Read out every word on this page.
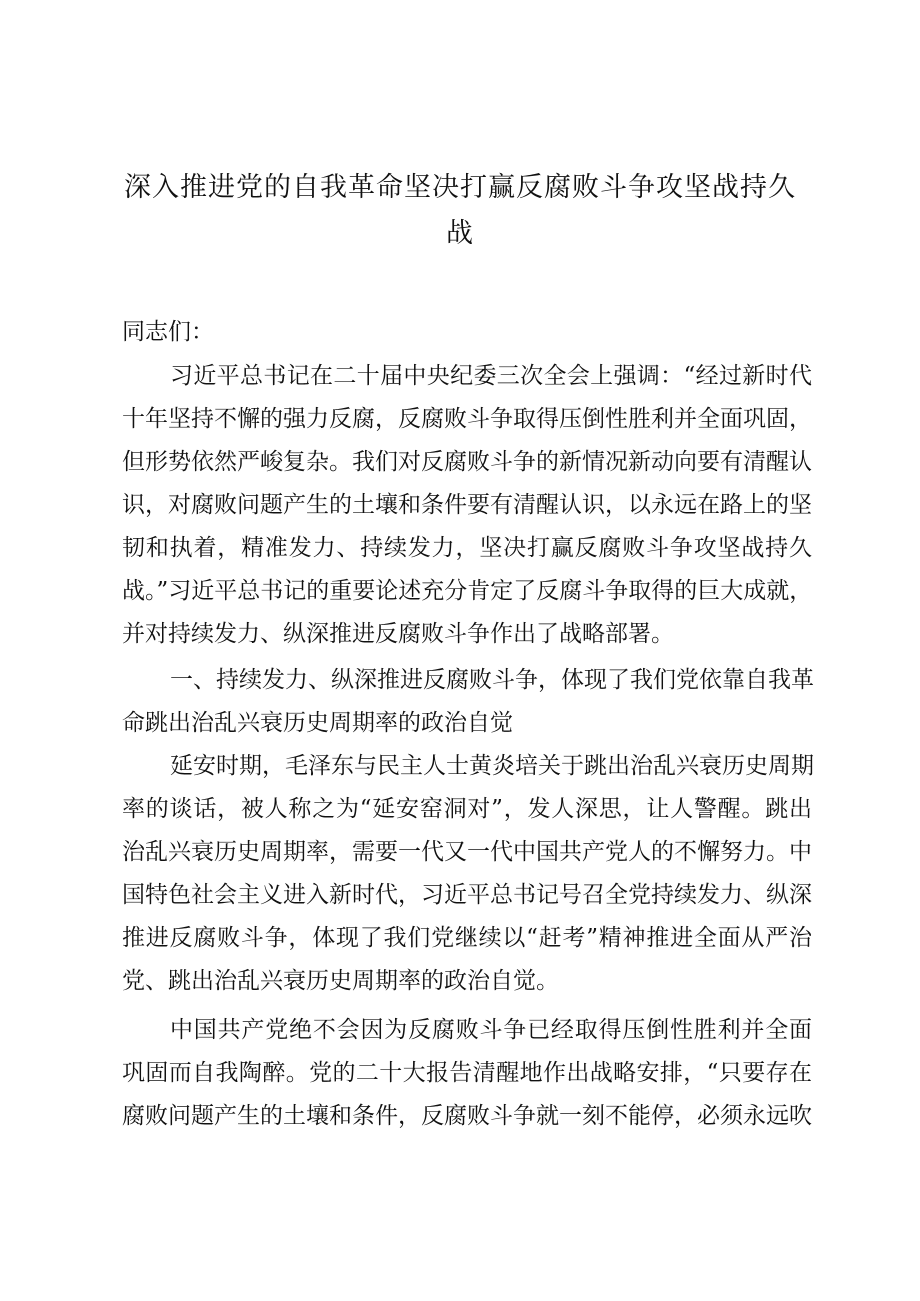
深入推进党的自我革命坚决打赢反腐败斗争攻坚战持久
战
同志们：
习近平总书记在二十届中央纪委三次全会上强调：“经过新时代
十年坚持不懈的强力反腐，反腐败斗争取得压倒性胜利并全面巩固，
但形势依然严峻复杂。我们对反腐败斗争的新情况新动向要有清醒认
识，对腐败问题产生的土壤和条件要有清醒认识，以永远在路上的坚
韧和执着，精准发力、持续发力，坚决打赢反腐败斗争攻坚战持久
战。”习近平总书记的重要论述充分肯定了反腐斗争取得的巨大成就，
并对持续发力、纵深推进反腐败斗争作出了战略部署。
一、持续发力、纵深推进反腐败斗争，体现了我们党依靠自我革
命跳出治乱兴衰历史周期率的政治自觉
延安时期，毛泽东与民主人士黄炎培关于跳出治乱兴衰历史周期
率的谈话，被人称之为“延安窑洞对”，发人深思，让人警醒。跳出
治乱兴衰历史周期率，需要一代又一代中国共产党人的不懈努力。中
国特色社会主义进入新时代，习近平总书记号召全党持续发力、纵深
推进反腐败斗争，体现了我们党继续以“赶考”精神推进全面从严治
党、跳出治乱兴衰历史周期率的政治自觉。
中国共产党绝不会因为反腐败斗争已经取得压倒性胜利并全面
巩固而自我陶醉。党的二十大报告清醒地作出战略安排，“只要存在
腐败问题产生的土壤和条件，反腐败斗争就一刻不能停，必须永远吹
